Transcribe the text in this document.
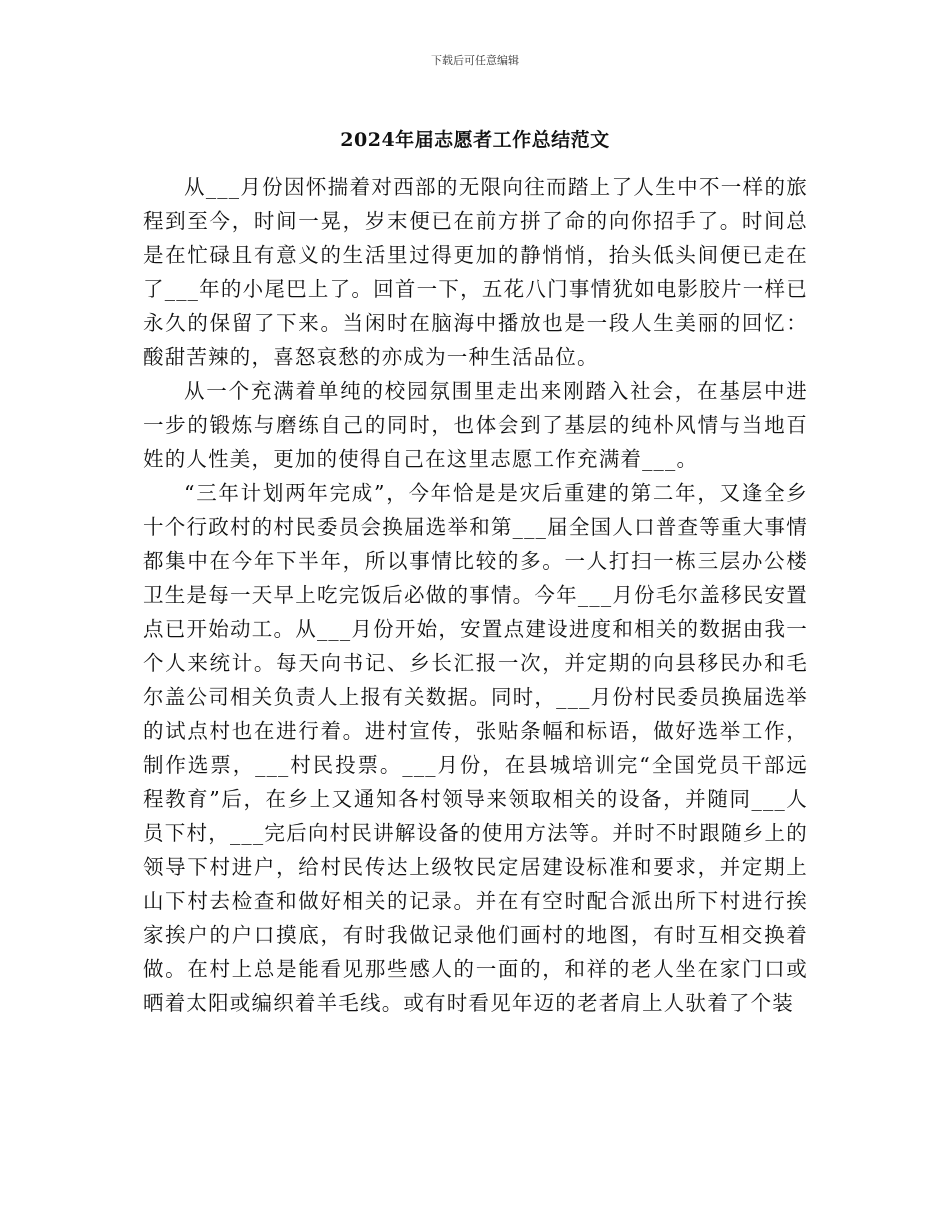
下载后可任意编辑
2024年届志愿者工作总结范文

从___月份因怀揣着对西部的无限向往而踏上了人生中不一样的旅程到至今，时间一晃，岁末便已在前方拼了命的向你招手了。时间总是在忙碌且有意义的生活里过得更加的静悄悄，抬头低头间便已走在了___年的小尾巴上了。回首一下，五花八门事情犹如电影胶片一样已永久的保留了下来。当闲时在脑海中播放也是一段人生美丽的回忆：酸甜苦辣的，喜怒哀愁的亦成为一种生活品位。

从一个充满着单纯的校园氛围里走出来刚踏入社会，在基层中进一步的锻炼与磨练自己的同时，也体会到了基层的纯朴风情与当地百姓的人性美，更加的使得自己在这里志愿工作充满着___。

“三年计划两年完成”，今年恰是是灾后重建的第二年，又逢全乡十个行政村的村民委员会换届选举和第___届全国人口普查等重大事情都集中在今年下半年，所以事情比较的多。一人打扫一栋三层办公楼卫生是每一天早上吃完饭后必做的事情。今年___月份毛尔盖移民安置点已开始动工。从___月份开始，安置点建设进度和相关的数据由我一个人来统计。每天向书记、乡长汇报一次，并定期的向县移民办和毛尔盖公司相关负责人上报有关数据。同时，___月份村民委员换届选举的试点村也在进行着。进村宣传，张贴条幅和标语，做好选举工作，制作选票，___村民投票。___月份，在县城培训完“全国党员干部远程教育”后，在乡上又通知各村领导来领取相关的设备，并随同___人员下村，___完后向村民讲解设备的使用方法等。并时不时跟随乡上的领导下村进户，给村民传达上级牧民定居建设标准和要求，并定期上山下村去检查和做好相关的记录。并在有空时配合派出所下村进行挨家挨户的户口摸底，有时我做记录他们画村的地图，有时互相交换着做。在村上总是能看见那些感人的一面的，和祥的老人坐在家门口或晒着太阳或编织着羊毛线。或有时看见年迈的老者肩上人驮着了个装
